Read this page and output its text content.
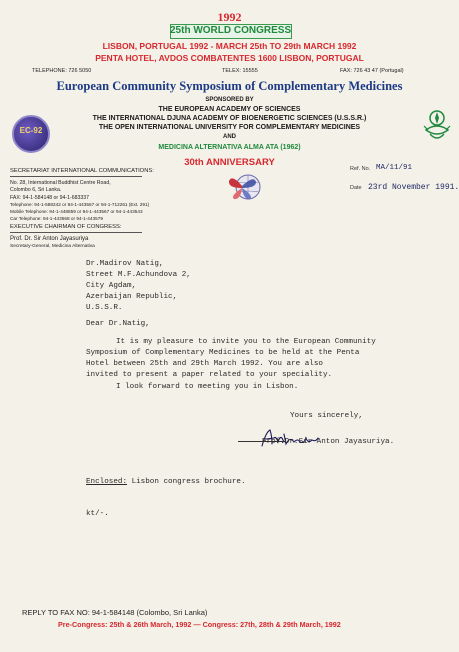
1992
25th WORLD CONGRESS
LISBON, PORTUGAL 1992 - MARCH 25th TO 29th MARCH 1992
PENTA HOTEL, AVDOS COMBATENTES 1600 LISBON, PORTUGAL
TELEPHONE: 726 5050	TELEX: 15555	FAX: 726 43 47 (Portugal)
European Community Symposium of Complementary Medicines
SPONSORED BY
THE EUROPEAN ACADEMY OF SCIENCES
THE INTERNATIONAL DJUNA ACADEMY OF BIOENERGETIC SCIENCES (U.S.S.R.)
THE OPEN INTERNATIONAL UNIVERSITY FOR COMPLEMENTARY MEDICINES
AND
MEDICINA ALTERNATIVA ALMA ATA (1962)
30th ANNIVERSARY
EC-92
SECRETARIAT INTERNATIONAL COMMUNICATIONS:
No. 28, International Buddhist Centre Road,
Colombo 6, Sri Lanka.
FAX: 94-1-584148 or 94-1-683337
Telephone: 94-1-588242 or 94-1-443567 or 94-1-712261 (Ext. 291)
Mobile Telephone: 94-1-448859 or 94-1-443567 or 94-1-443543
Car Telephone: 94-1-443568 or 94-1-443579
EXECUTIVE CHAIRMAN OF CONGRESS:
Prof. Dr. Sir Anton Jayasuriya
Secretary-General, Medicina Alternativa
Ref. No. MA/11/91
Date 23rd November 1991.
Dr.Madirov Natig,
Street M.F.Achundova 2,
City Agdam,
Azerbaijan Republic,
U.S.S.R.
Dear Dr.Natig,
It is my pleasure to invite you to the European Community
Symposium of Complementary Medicines to be held at the Penta
Hotel between 25th and 29th March 1992. You are also
invited to present a paper related to your speciality.
I look forward to meeting you in Lisbon.
Yours sincerely,
Prof.Dr.Sir Anton Jayasuriya.
Enclosed: Lisbon congress brochure.
kt/-.
REPLY TO FAX NO: 94-1-584148 (Colombo, Sri Lanka)
Pre-Congress: 25th & 26th March, 1992 — Congress: 27th, 28th & 29th March, 1992
